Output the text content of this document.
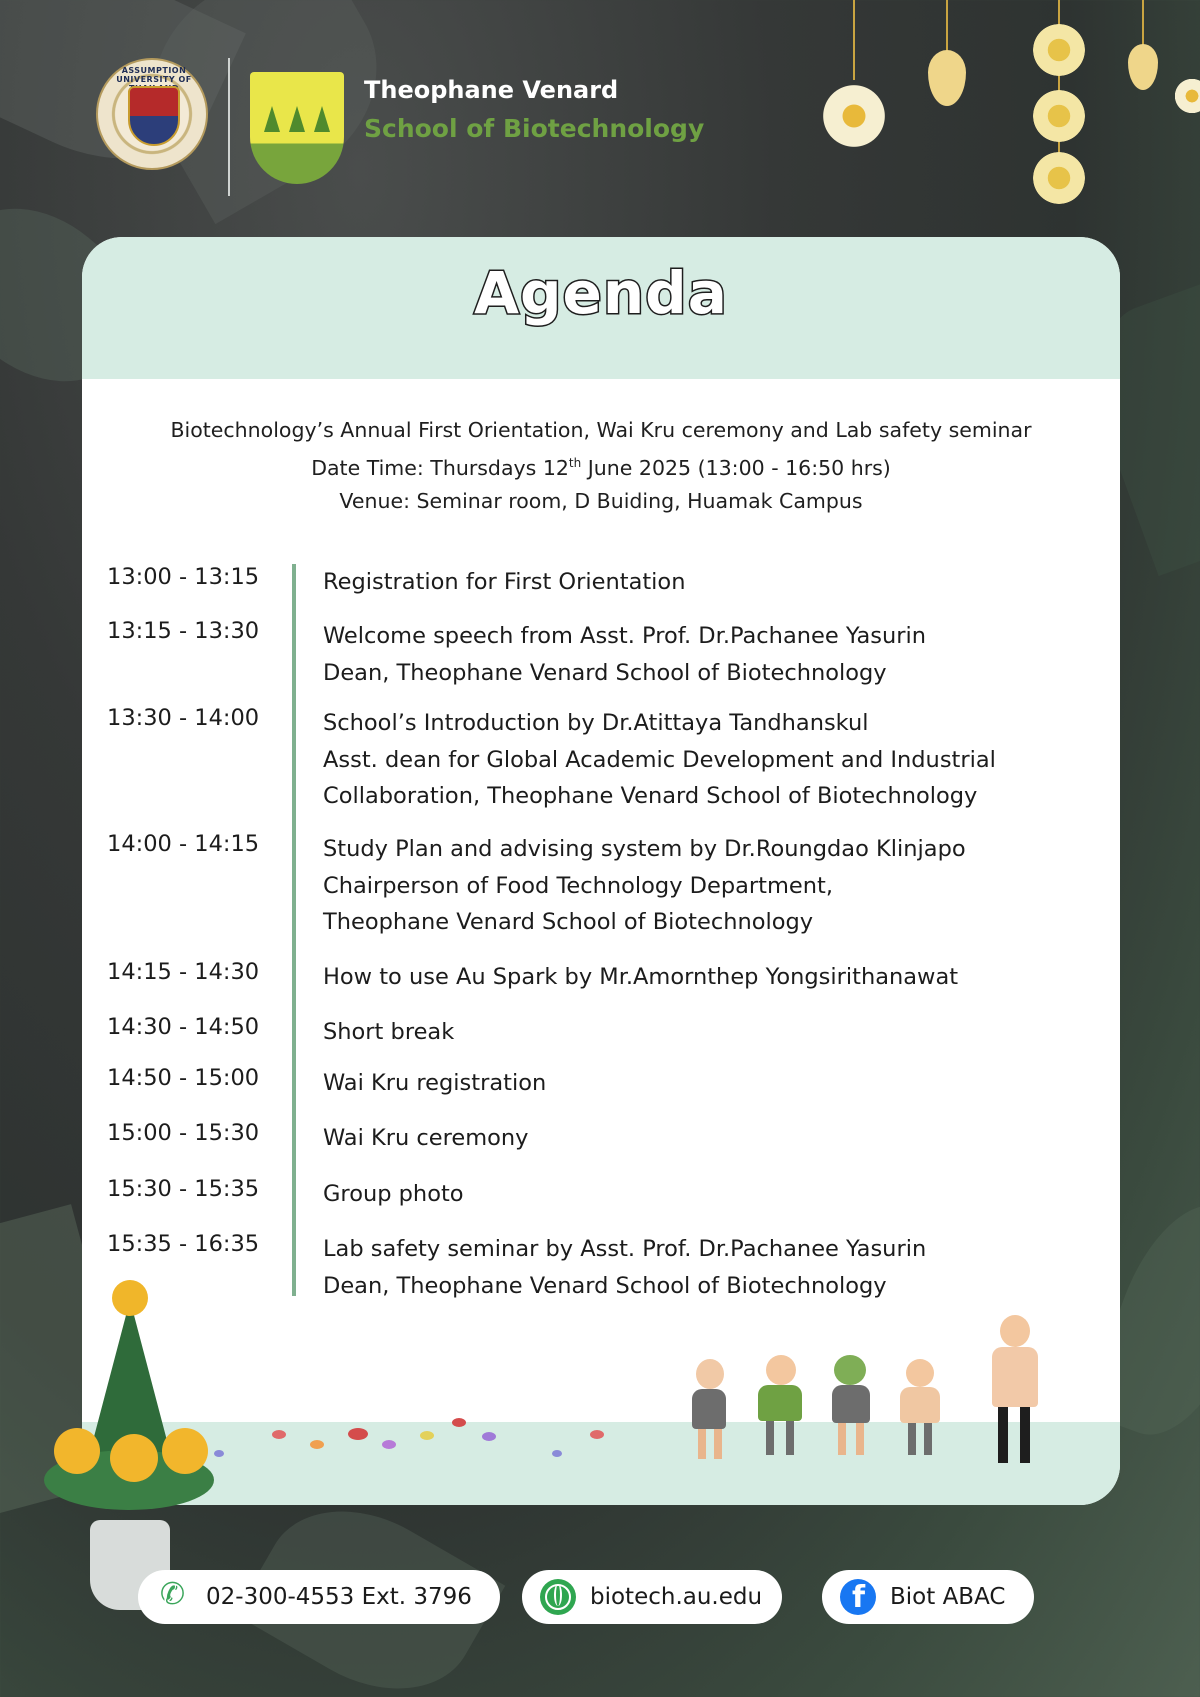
ASSUMPTION UNIVERSITY OF	Theophane Venard
School of Biotechnology
Agenda
Biotechnology’s Annual First Orientation, Wai Kru ceremony and Lab safety seminar
Date Time: Thursdays 12th June 2025 (13:00 - 16:50 hrs)
Venue: Seminar room, D Buiding, Huamak Campus
13:00 - 13:15	Registration for First Orientation
13:15 - 13:30	Welcome speech from Asst. Prof. Dr.Pachanee Yasurin
Dean, Theophane Venard School of Biotechnology
13:30 - 14:00	School’s Introduction by Dr.Atittaya Tandhanskul
Asst. dean for Global Academic Development and Industrial
Collaboration, Theophane Venard School of Biotechnology
14:00 - 14:15	Study Plan and advising system by Dr.Roungdao Klinjapo
Chairperson of Food Technology Department,
Theophane Venard School of Biotechnology
14:15 - 14:30	How to use Au Spark by Mr.Amornthep Yongsirithanawat
14:30 - 14:50	Short break
14:50 - 15:00	Wai Kru registration
15:00 - 15:30	Wai Kru ceremony
15:30 - 15:35	Group photo
15:35 - 16:35	Lab safety seminar by Asst. Prof. Dr.Pachanee Yasurin
Dean, Theophane Venard School of Biotechnology
✆
02-300-4553 Ext. 3796	biotech.au.edu
f	Biot ABAC
